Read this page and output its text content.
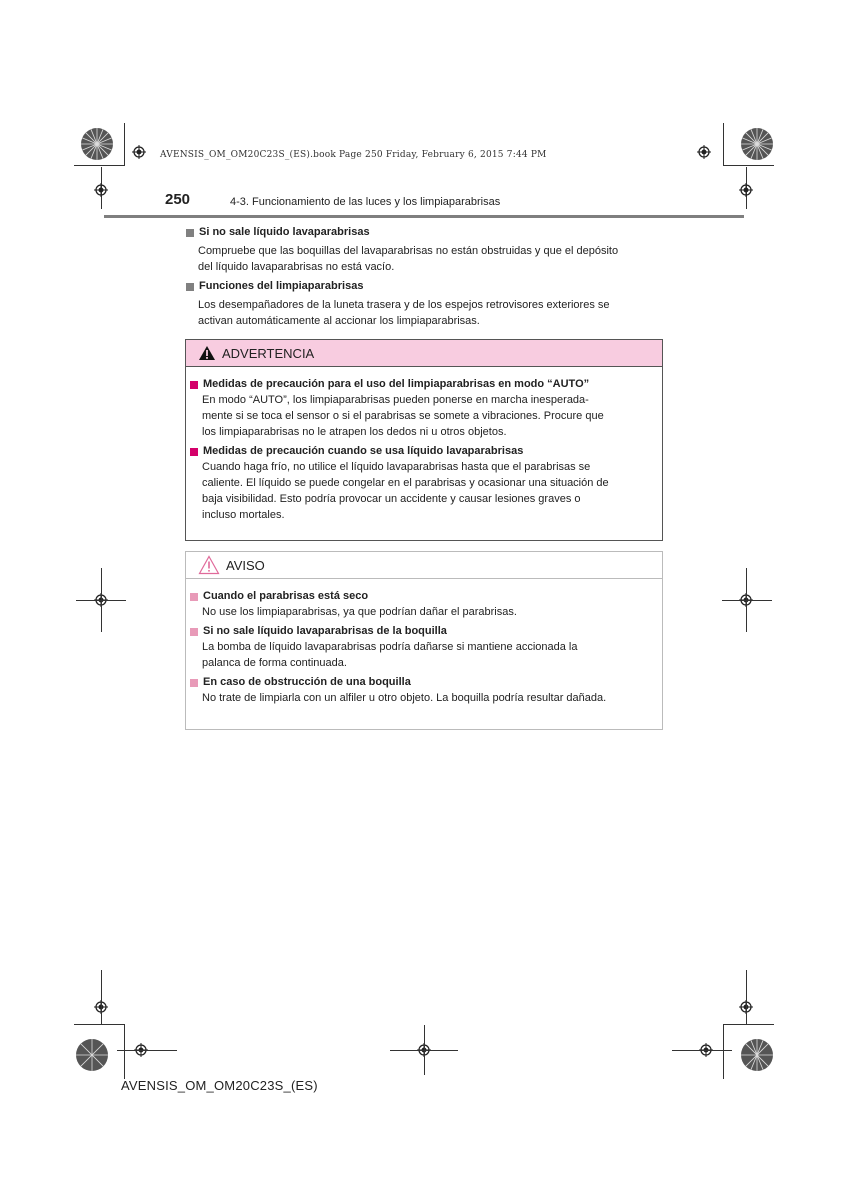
AVENSIS_OM_OM20C23S_(ES).book Page 250 Friday, February 6, 2015 7:44 PM
250	4-3. Funcionamiento de las luces y los limpiaparabrisas
Si no sale líquido lavaparabrisas
Compruebe que las boquillas del lavaparabrisas no están obstruidas y que el depósito
del líquido lavaparabrisas no está vacío.
Funciones del limpiaparabrisas
Los desempañadores de la luneta trasera y de los espejos retrovisores exteriores se
activan automáticamente al accionar los limpiaparabrisas.
ADVERTENCIA
Medidas de precaución para el uso del limpiaparabrisas en modo “AUTO”
En modo “AUTO”, los limpiaparabrisas pueden ponerse en marcha inesperada-
mente si se toca el sensor o si el parabrisas se somete a vibraciones. Procure que
los limpiaparabrisas no le atrapen los dedos ni u otros objetos.
Medidas de precaución cuando se usa líquido lavaparabrisas
Cuando haga frío, no utilice el líquido lavaparabrisas hasta que el parabrisas se
caliente. El líquido se puede congelar en el parabrisas y ocasionar una situación de
baja visibilidad. Esto podría provocar un accidente y causar lesiones graves o
incluso mortales.
AVISO
Cuando el parabrisas está seco
No use los limpiaparabrisas, ya que podrían dañar el parabrisas.
Si no sale líquido lavaparabrisas de la boquilla
La bomba de líquido lavaparabrisas podría dañarse si mantiene accionada la
palanca de forma continuada.
En caso de obstrucción de una boquilla
No trate de limpiarla con un alfiler u otro objeto. La boquilla podría resultar dañada.
AVENSIS_OM_OM20C23S_(ES)
